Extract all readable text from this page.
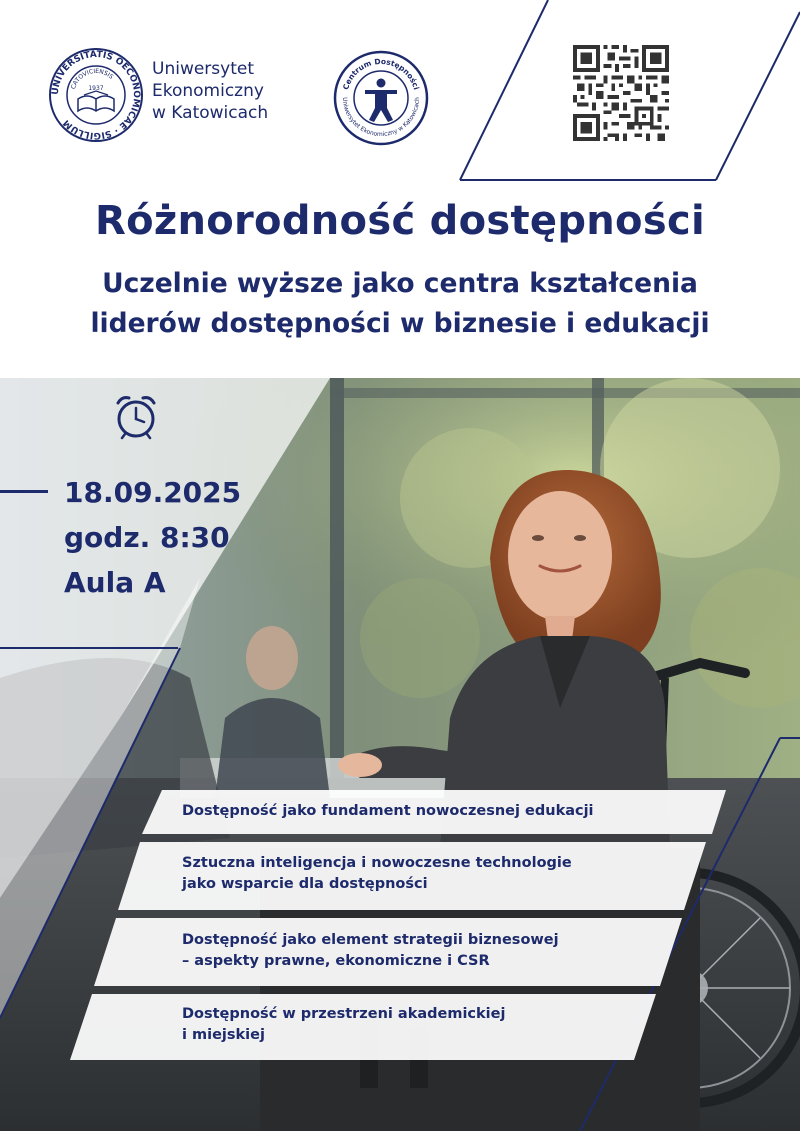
UNIVERSITATIS OECONOMICAE · SIGILLUM
CATOVICIENSIS
1937
Uniwersytet
Ekonomiczny
w Katowicach
Centrum Dostępności
Uniwersytet Ekonomiczny w Katowicach
Różnorodność dostępności
Uczelnie wyższe jako centra kształcenia
liderów dostępności w biznesie i edukacji
18.09.2025
godz. 8:30
Aula A
Dostępność jako fundament nowoczesnej edukacji
Sztuczna inteligencja i nowoczesne technologie
jako wsparcie dla dostępności
Dostępność jako element strategii biznesowej
– aspekty prawne, ekonomiczne i CSR
Dostępność w przestrzeni akademickiej
i miejskiej
